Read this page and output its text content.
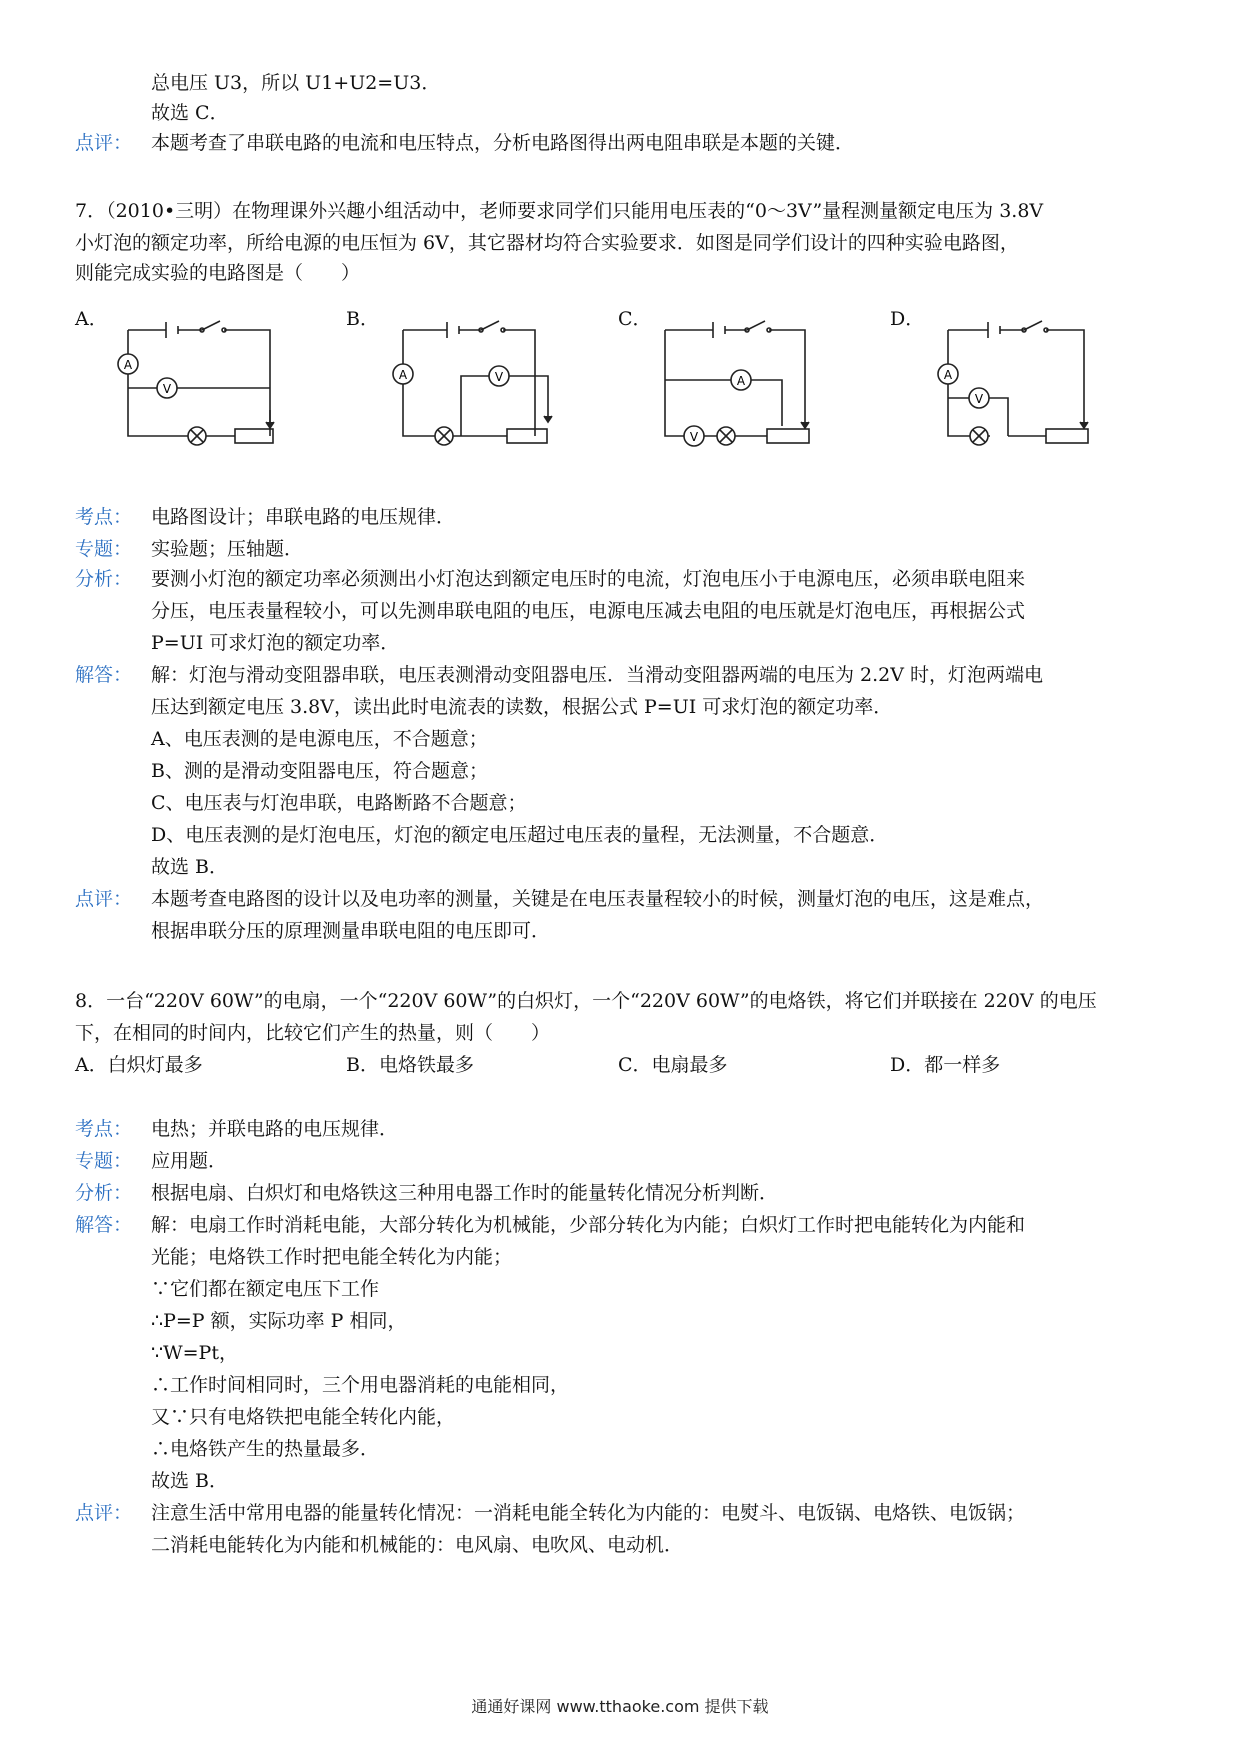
总电压 U3，所以 U1+U2=U3．
故选 C．
点评： 本题考查了串联电路的电流和电压特点，分析电路图得出两电阻串联是本题的关键．
7．（2010•三明）在物理课外兴趣小组活动中，老师要求同学们只能用电压表的“0～3V”量程测量额定电压为 3.8V
小灯泡的额定功率，所给电源的电压恒为 6V，其它器材均符合实验要求．如图是同学们设计的四种实验电路图，
则能完成实验的电路图是（　　）
A．	B．	C．	D．
A
V
A	V	A
V
A
V
考点： 电路图设计；串联电路的电压规律．
专题： 实验题；压轴题．
分析： 要测小灯泡的额定功率必须测出小灯泡达到额定电压时的电流，灯泡电压小于电源电压，必须串联电阻来
分压，电压表量程较小，可以先测串联电阻的电压，电源电压减去电阻的电压就是灯泡电压，再根据公式
P=UI 可求灯泡的额定功率．
解答： 解：灯泡与滑动变阻器串联，电压表测滑动变阻器电压．当滑动变阻器两端的电压为 2.2V 时，灯泡两端电
压达到额定电压 3.8V，读出此时电流表的读数，根据公式 P=UI 可求灯泡的额定功率．
A、电压表测的是电源电压，不合题意；
B、测的是滑动变阻器电压，符合题意；
C、电压表与灯泡串联，电路断路不合题意；
D、电压表测的是灯泡电压，灯泡的额定电压超过电压表的量程，无法测量，不合题意．
故选 B．
点评： 本题考查电路图的设计以及电功率的测量，关键是在电压表量程较小的时候，测量灯泡的电压，这是难点，
根据串联分压的原理测量串联电阻的电压即可．
8．一台“220V 60W”的电扇，一个“220V 60W”的白炽灯，一个“220V 60W”的电烙铁，将它们并联接在 220V 的电压
下，在相同的时间内，比较它们产生的热量，则（　　）
A．白炽灯最多	B．电烙铁最多	C．电扇最多	D．都一样多
考点： 电热；并联电路的电压规律．
专题： 应用题．
分析： 根据电扇、白炽灯和电烙铁这三种用电器工作时的能量转化情况分析判断．
解答： 解：电扇工作时消耗电能，大部分转化为机械能，少部分转化为内能；白炽灯工作时把电能转化为内能和
光能；电烙铁工作时把电能全转化为内能；
∵它们都在额定电压下工作
∴P=P 额，实际功率 P 相同，
∵W=Pt，
∴工作时间相同时，三个用电器消耗的电能相同，
又∵只有电烙铁把电能全转化内能，
∴电烙铁产生的热量最多．
故选 B．
点评： 注意生活中常用电器的能量转化情况：一消耗电能全转化为内能的：电熨斗、电饭锅、电烙铁、电饭锅；
二消耗电能转化为内能和机械能的：电风扇、电吹风、电动机．
通通好课网 www.tthaoke.com 提供下载
